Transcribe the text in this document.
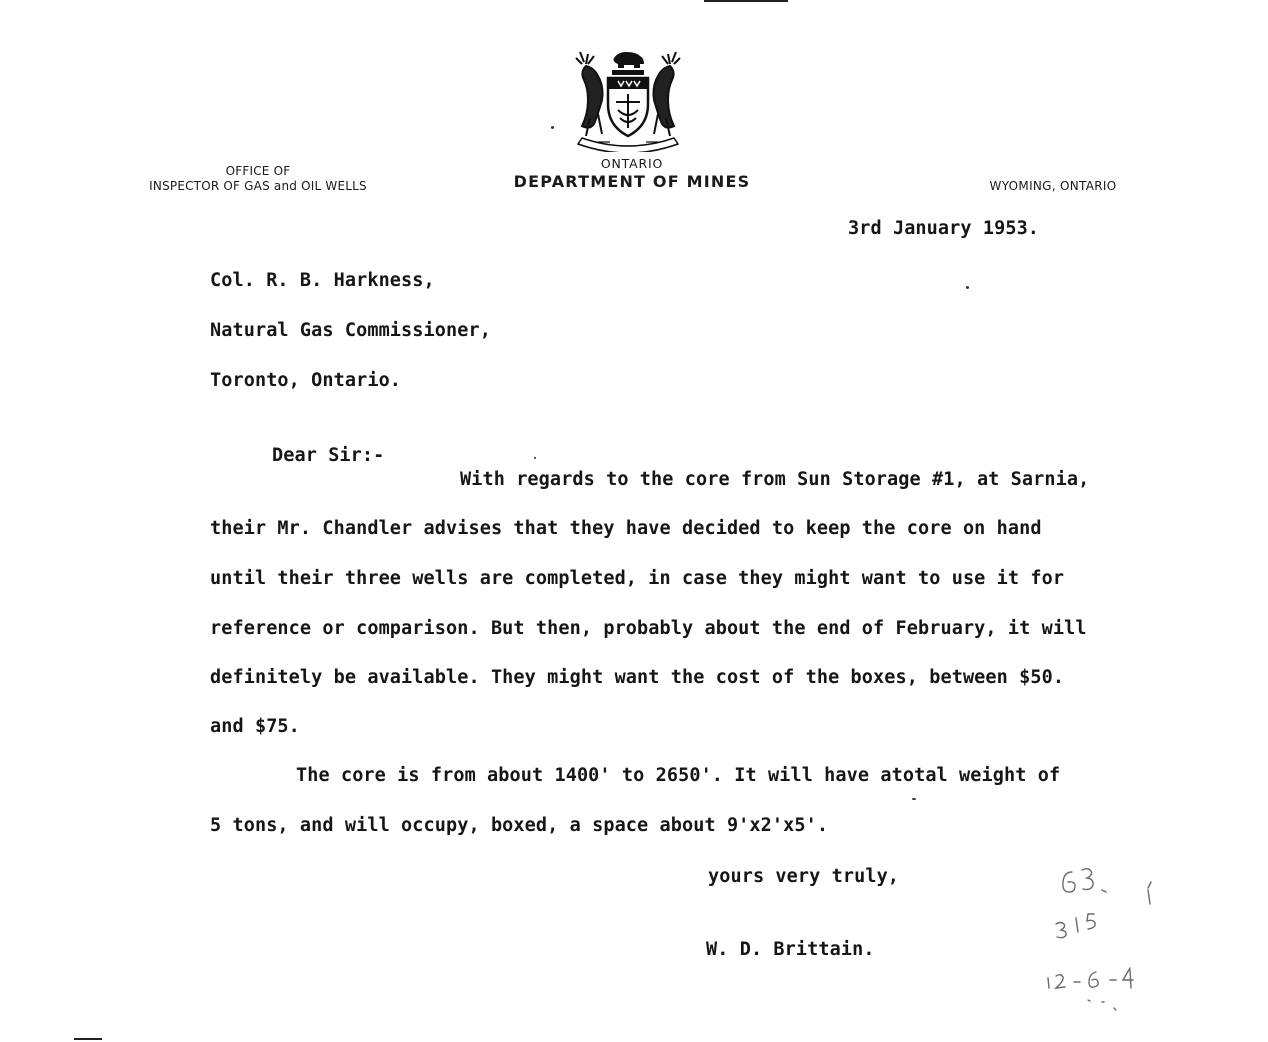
OFFICE OF
INSPECTOR OF GAS and OIL WELLS
ONTARIO
DEPARTMENT OF MINES	WYOMING, ONTARIO
3rd January 1953.
Col. R. B. Harkness,
Natural Gas Commissioner,
Toronto, Ontario.
Dear Sir:-
With regards to the core from Sun Storage #1, at Sarnia,
their Mr. Chandler advises that they have decided to keep the core on hand
until their three wells are completed, in case they might want to use it for
reference or comparison. But then, probably about the end of February, it will
definitely be available. They might want the cost of the boxes, between $50.
and $75.
The core is from about 1400' to 2650'. It will have atotal weight of
5 tons, and will occupy, boxed, a space about 9'x2'x5'.
yours very truly,
W. D. Brittain.
